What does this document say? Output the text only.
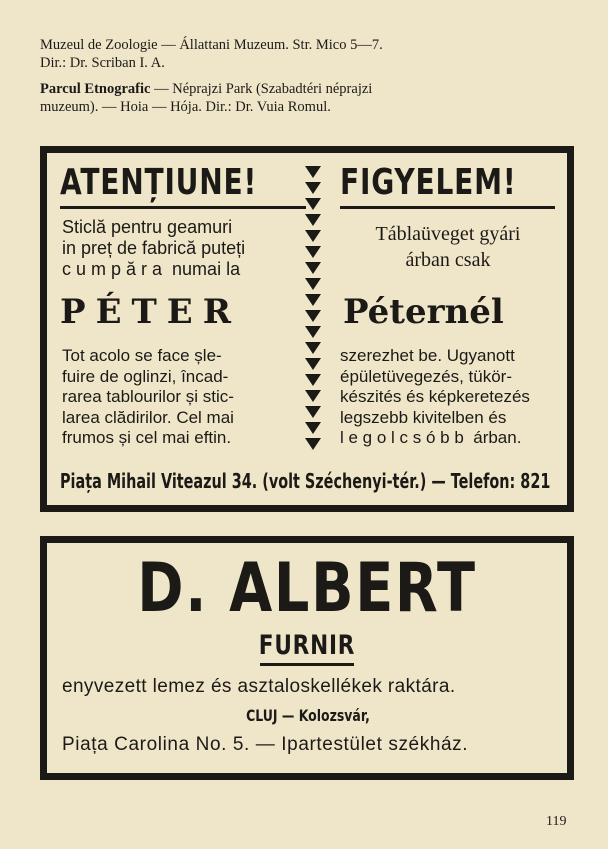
Muzeul de Zoologie — Állattani Muzeum. Str. Mico 5—7.

Dir.: Dr. Scriban I. A.

Parcul Etnografic — Néprajzi Park (Szabadtéri néprajzi

muzeum). — Hoia — Hója. Dir.: Dr. Vuia Romul.

ATENȚIUNE! FIGYELEM!
Sticlă pentru geamuri
in preț de fabrică puteți
c u m p ă r a  numai la
Táblaüveget gyári
árban csak
PÉTER	Péternél
Tot acolo se face șle-
fuire de oglinzi, încad-
rarea tablourilor și stic-
larea clădirilor. Cel mai
frumos și cel mai eftin.
szerezhet be. Ugyanott
épületüvegezés, tükör-
készités és képkeretezés
legszebb kivitelben és
l e g o l c s ó b b  árban.
Piața Mihail Viteazul 34. (volt Széchenyi-tér.) — Telefon: 821
D. ALBERT
FURNIR
enyvezett lemez és asztaloskellékek raktára.
CLUJ — Kolozsvár,
Piața Carolina No. 5. — Ipartestület székház.
119
